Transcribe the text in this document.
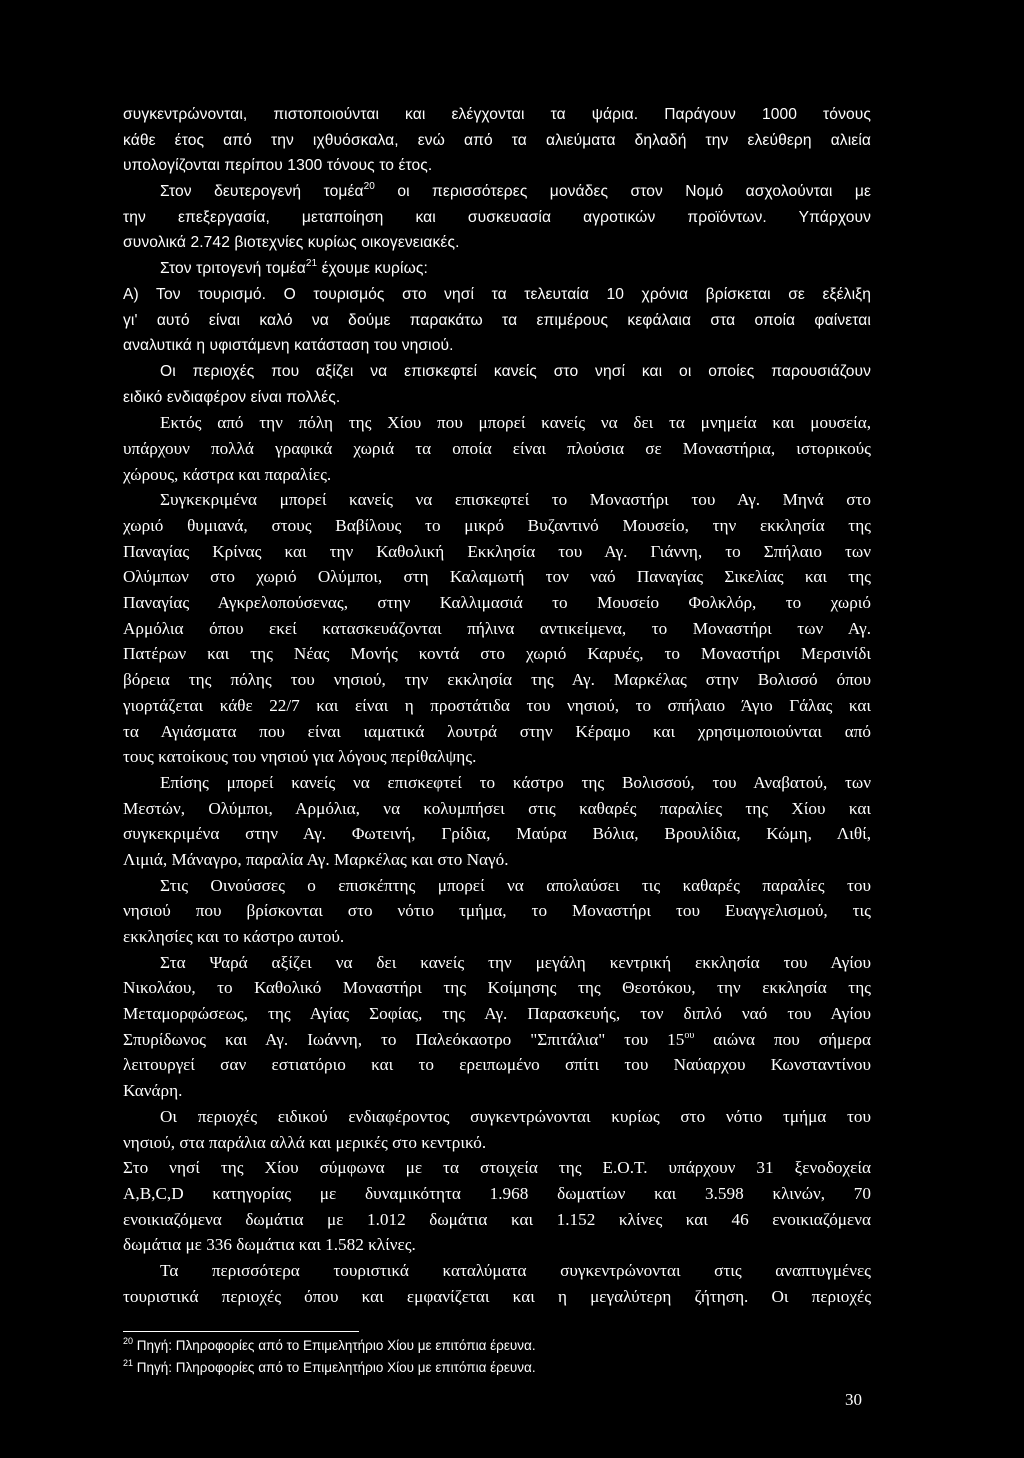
συγκεντρώνονται, πιστοποιούνται και ελέγχονται τα ψάρια. Παράγουν 1000 τόνους
κάθε έτος από την ιχθυόσκαλα, ενώ από τα αλιεύματα δηλαδή την ελεύθερη αλιεία
υπολογίζονται περίπου 1300 τόνους το έτος.
Στον δευτερογενή τομέα$^{20}$ οι περισσότερες μονάδες στον Νομό ασχολούνται με
την επεξεργασία, μεταποίηση και συσκευασία αγροτικών προϊόντων. Υπάρχουν
συνολικά 2.742 βιοτεχνίες κυρίως οικογενειακές.
Στον τριτογενή τομέα$^{21}$ έχουμε κυρίως:
Α) Τον τουρισμό. Ο τουρισμός στο νησί τα τελευταία 10 χρόνια βρίσκεται σε εξέλιξη
γι' αυτό είναι καλό να δούμε παρακάτω τα επιμέρους κεφάλαια στα οποία φαίνεται
αναλυτικά η υφιστάμενη κατάσταση του νησιού.
Οι περιοχές που αξίζει να επισκεφτεί κανείς στο νησί και οι οποίες παρουσιάζουν
ειδικό ενδιαφέρον είναι πολλές.
Εκτός από την πόλη της Χίου που μπορεί κανείς να δει τα μνημεία και μουσεία,
υπάρχουν πολλά γραφικά χωριά τα οποία είναι πλούσια σε Μοναστήρια, ιστορικούς
χώρους, κάστρα και παραλίες.
Συγκεκριμένα μπορεί κανείς να επισκεφτεί το Μοναστήρι του Αγ. Μηνά στο
χωριό θυμιανά, στους Βαβίλους το μικρό Βυζαντινό Μουσείο, την εκκλησία της
Παναγίας Κρίνας και την Καθολική Εκκλησία του Αγ. Γιάννη, το Σπήλαιο των
Ολύμπων στο χωριό Ολύμποι, στη Καλαμωτή τον ναό Παναγίας Σικελίας και της
Παναγίας Αγκρελοπούσενας, στην Καλλιμασιά το Μουσείο Φολκλόρ, το χωριό
Αρμόλια όπου εκεί κατασκευάζονται πήλινα αντικείμενα, το Μοναστήρι των Αγ.
Πατέρων και της Νέας Μονής κοντά στο χωριό Καρυές, το Μοναστήρι Μερσινίδι
βόρεια της πόλης του νησιού, την εκκλησία της Αγ. Μαρκέλας στην Βολισσό όπου
γιορτάζεται κάθε 22/7 και είναι η προστάτιδα του νησιού, το σπήλαιο Άγιο Γάλας και
τα Αγιάσματα που είναι ιαματικά λουτρά στην Κέραμο και χρησιμοποιούνται από
τους κατοίκους του νησιού για λόγους περίθαλψης.
Επίσης μπορεί κανείς να επισκεφτεί το κάστρο της Βολισσού, του Αναβατού, των
Μεστών, Ολύμποι, Αρμόλια, να κολυμπήσει στις καθαρές παραλίες της Χίου και
συγκεκριμένα στην Αγ. Φωτεινή, Γρίδια, Μαύρα Βόλια, Βρουλίδια, Κώμη, Λιθί,
Λιμιά, Μάναγρο, παραλία Αγ. Μαρκέλας και στο Ναγό.
Στις Οινούσσες ο επισκέπτης μπορεί να απολαύσει τις καθαρές παραλίες του
νησιού που βρίσκονται στο νότιο τμήμα, το Μοναστήρι του Ευαγγελισμού, τις
εκκλησίες και το κάστρο αυτού.
Στα Ψαρά αξίζει να δει κανείς την μεγάλη κεντρική εκκλησία του Αγίου
Νικολάου, το Καθολικό Μοναστήρι της Κοίμησης της Θεοτόκου, την εκκλησία της
Μεταμορφώσεως, της Αγίας Σοφίας, της Αγ. Παρασκευής, τον διπλό ναό του Αγίου
Σπυρίδωνος και Αγ. Ιωάννη, το Παλεόκαοτρο "Σπιτάλια" του $15^{o\upsilon}$ αιώνα που σήμερα
λειτουργεί σαν εστιατόριο και το ερειπωμένο σπίτι του Ναύαρχου Κωνσταντίνου
Κανάρη.
Οι περιοχές ειδικού ενδιαφέροντος συγκεντρώνονται κυρίως στο νότιο τμήμα του
νησιού, στα παράλια αλλά και μερικές στο κεντρικό.
Στο νησί της Χίου σύμφωνα με τα στοιχεία της Ε.Ο.Τ. υπάρχουν 31 ξενοδοχεία
A,B,C,D κατηγορίας με δυναμικότητα 1.968 δωματίων και 3.598 κλινών, 70
ενοικιαζόμενα δωμάτια με 1.012 δωμάτια και 1.152 κλίνες και 46 ενοικιαζόμενα
δωμάτια με 336 δωμάτια και 1.582 κλίνες.
Τα περισσότερα τουριστικά καταλύματα συγκεντρώνονται στις αναπτυγμένες
τουριστικά περιοχές όπου και εμφανίζεται και η μεγαλύτερη ζήτηση. Οι περιοχές
$^{20}$ Πηγή: Πληροφορίες από το Επιμελητήριο Χίου με επιτόπια έρευνα.
$^{21}$ Πηγή: Πληροφορίες από το Επιμελητήριο Χίου με επιτόπια έρευνα.
30
